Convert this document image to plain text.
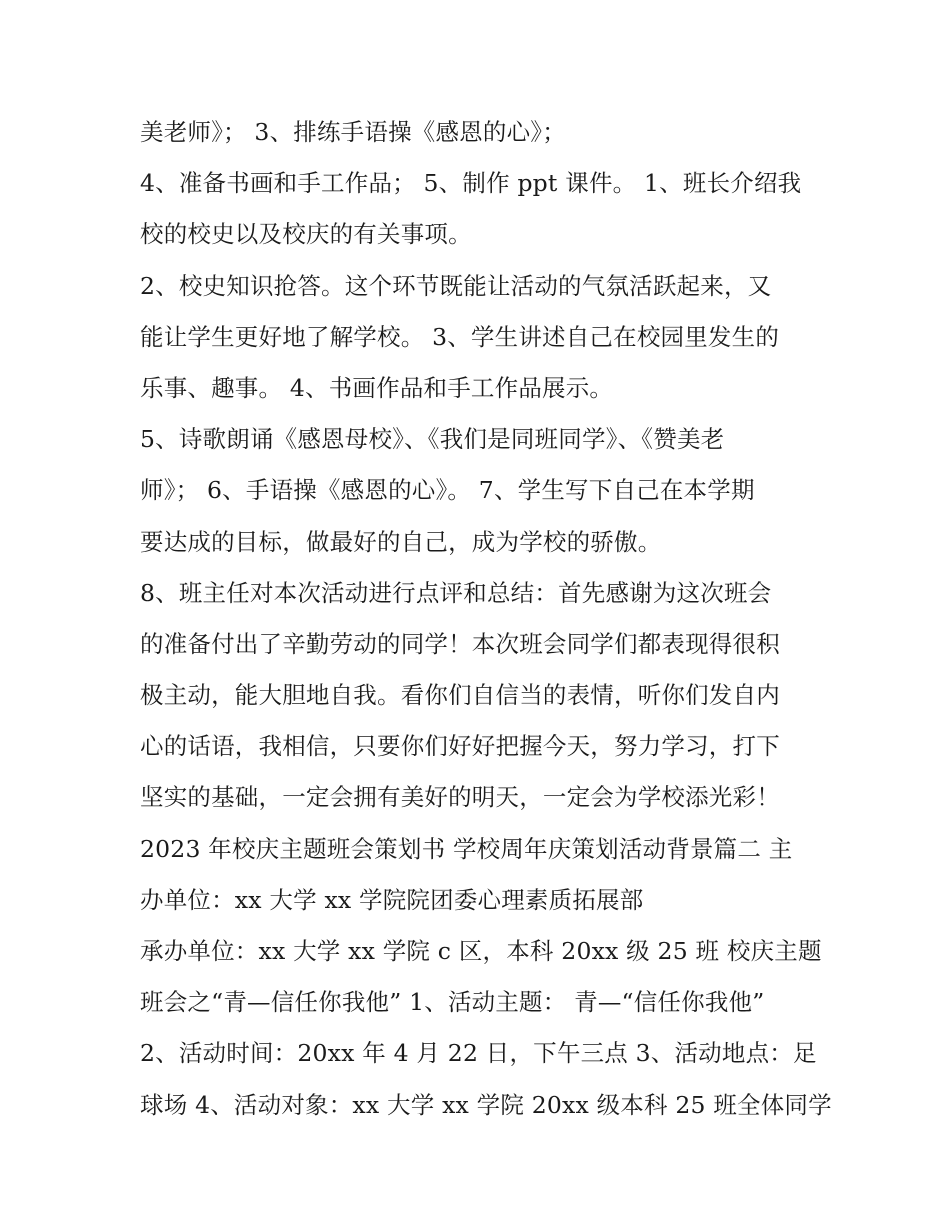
美老师》； 3、排练手语操《感恩的心》；
4、准备书画和手工作品； 5、制作 ppt 课件。 1、班长介绍我
校的校史以及校庆的有关事项。
2、校史知识抢答。这个环节既能让活动的气氛活跃起来，又
能让学生更好地了解学校。 3、学生讲述自己在校园里发生的
乐事、趣事。 4、书画作品和手工作品展示。
5、诗歌朗诵《感恩母校》、《我们是同班同学》、《赞美老
师》； 6、手语操《感恩的心》。 7、学生写下自己在本学期
要达成的目标，做最好的自己，成为学校的骄傲。
8、班主任对本次活动进行点评和总结：首先感谢为这次班会
的准备付出了辛勤劳动的同学！本次班会同学们都表现得很积
极主动，能大胆地自我。看你们自信当的表情，听你们发自内
心的话语，我相信，只要你们好好把握今天，努力学习，打下
坚实的基础，一定会拥有美好的明天，一定会为学校添光彩！
2023 年校庆主题班会策划书 学校周年庆策划活动背景篇二 主
办单位：xx 大学 xx 学院院团委心理素质拓展部
承办单位：xx 大学 xx 学院 c 区，本科 20xx 级 25 班 校庆主题
班会之“青—信任你我他” 1、活动主题： 青—“信任你我他”
2、活动时间：20xx 年 4 月 22 日，下午三点 3、活动地点：足
球场 4、活动对象：xx 大学 xx 学院 20xx 级本科 25 班全体同学
